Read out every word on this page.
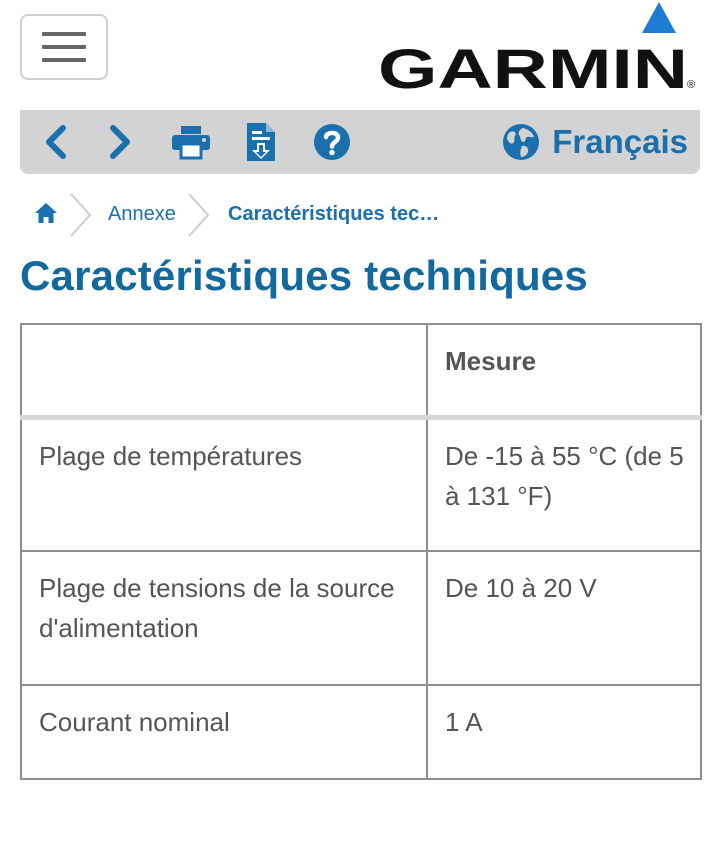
GARMIN ®
Français
Annexe	Caractéristiques tec…
Caractéristiques techniques
	Mesure
Plage de températures	De -15 à 55 °C (de 5 à 131 °F)
Plage de tensions de la source d'alimentation	De 10 à 20 V
Courant nominal	1 A
